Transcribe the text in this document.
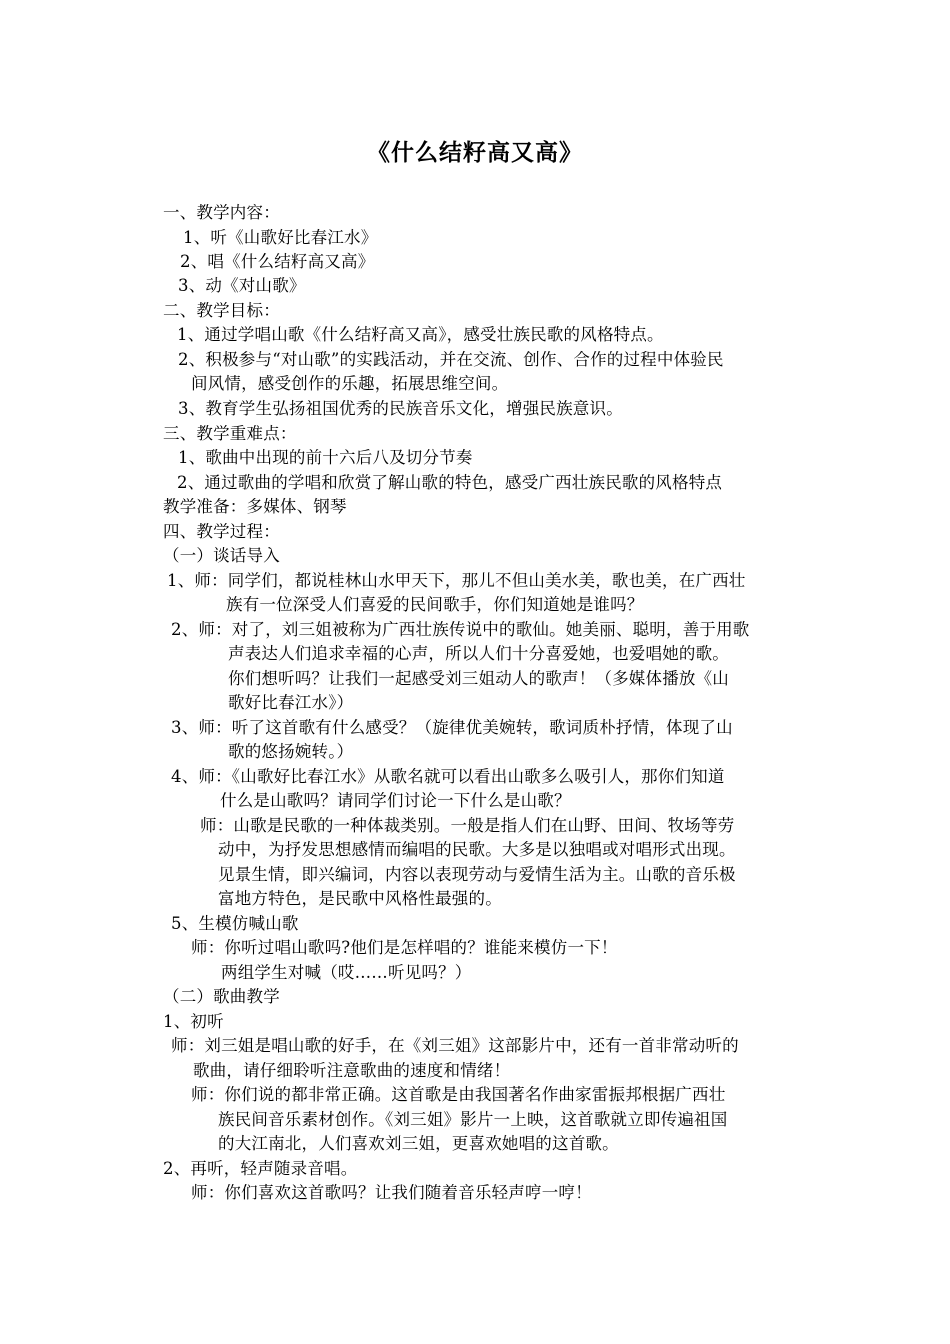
《什么结籽高又高》
一、教学内容：
1、听《山歌好比春江水》
2、唱《什么结籽高又高》
3、动《对山歌》
二、教学目标：
1、通过学唱山歌《什么结籽高又高》，感受壮族民歌的风格特点。
2、积极参与“对山歌”的实践活动，并在交流、创作、合作的过程中体验民
间风情，感受创作的乐趣，拓展思维空间。
3、教育学生弘扬祖国优秀的民族音乐文化，增强民族意识。
三、教学重难点：
1、歌曲中出现的前十六后八及切分节奏
2、通过歌曲的学唱和欣赏了解山歌的特色，感受广西壮族民歌的风格特点
教学准备：多媒体、钢琴
四、教学过程：
（一）谈话导入
1、师：同学们，都说桂林山水甲天下，那儿不但山美水美，歌也美，在广西壮
族有一位深受人们喜爱的民间歌手，你们知道她是谁吗？
2、师：对了，刘三姐被称为广西壮族传说中的歌仙。她美丽、聪明，善于用歌
声表达人们追求幸福的心声，所以人们十分喜爱她，也爱唱她的歌。
你们想听吗？让我们一起感受刘三姐动人的歌声！（多媒体播放《山
歌好比春江水》）
3、师：听了这首歌有什么感受？（旋律优美婉转，歌词质朴抒情，体现了山
歌的悠扬婉转。）
4、师：《山歌好比春江水》从歌名就可以看出山歌多么吸引人，那你们知道
什么是山歌吗？请同学们讨论一下什么是山歌？
师：山歌是民歌的一种体裁类别。一般是指人们在山野、田间、牧场等劳
动中，为抒发思想感情而编唱的民歌。大多是以独唱或对唱形式出现。
见景生情，即兴编词，内容以表现劳动与爱情生活为主。山歌的音乐极
富地方特色，是民歌中风格性最强的。
5、生模仿喊山歌
师：你听过唱山歌吗?他们是怎样唱的？谁能来模仿一下！
两组学生对喊（哎……听见吗？）
（二）歌曲教学
1、初听
师：刘三姐是唱山歌的好手，在《刘三姐》这部影片中，还有一首非常动听的
歌曲，请仔细聆听注意歌曲的速度和情绪！
师：你们说的都非常正确。这首歌是由我国著名作曲家雷振邦根据广西壮
族民间音乐素材创作。《刘三姐》影片一上映，这首歌就立即传遍祖国
的大江南北，人们喜欢刘三姐，更喜欢她唱的这首歌。
2、再听，轻声随录音唱。
师：你们喜欢这首歌吗？让我们随着音乐轻声哼一哼！
